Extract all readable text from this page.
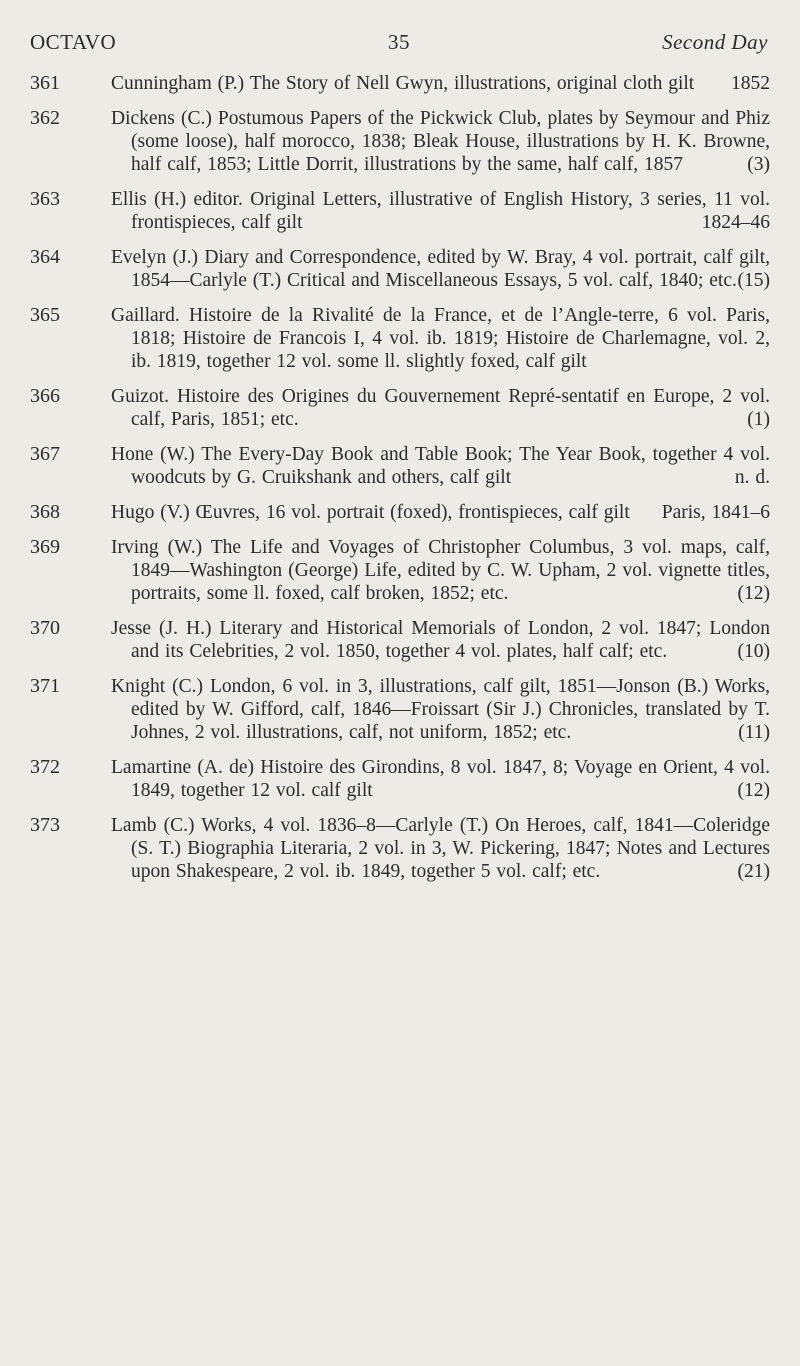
OCTAVO	35	Second Day
361	Cunningham (P.) The Story of Nell Gwyn, illustrations, original cloth gilt 1852
362	Dickens (C.) Postumous Papers of the Pickwick Club, plates by Seymour and Phiz (some loose), half morocco, 1838; Bleak House, illustrations by H. K. Browne, half calf, 1853; Little Dorrit, illustrations by the same, half calf, 1857	(3)
363	Ellis (H.) editor. Original Letters, illustrative of English History, 3 series, 11 vol. frontispieces, calf gilt	1824–46
364	Evelyn (J.) Diary and Correspondence, edited by W. Bray, 4 vol. portrait, calf gilt, 1854—Carlyle (T.) Critical and Miscellaneous Essays, 5 vol. calf, 1840; etc. (15)
365	Gaillard. Histoire de la Rivalité de la France, et de l’Angle-terre, 6 vol. Paris, 1818; Histoire de Francois I, 4 vol. ib. 1819; Histoire de Charlemagne, vol. 2, ib. 1819, together 12 vol. some ll. slightly foxed, calf gilt
366	Guizot. Histoire des Origines du Gouvernement Repré-sentatif en Europe, 2 vol. calf, Paris, 1851; etc.	(1)
367	Hone (W.) The Every-Day Book and Table Book; The Year Book, together 4 vol. woodcuts by G. Cruikshank and others, calf gilt	n. d.
368	Hugo (V.) Œuvres, 16 vol. portrait (foxed), frontispieces, calf gilt Paris, 1841–6
369	Irving (W.) The Life and Voyages of Christopher Columbus, 3 vol. maps, calf, 1849—Washington (George) Life, edited by C. W. Upham, 2 vol. vignette titles, portraits, some ll. foxed, calf broken, 1852; etc.	(12)
370	Jesse (J. H.) Literary and Historical Memorials of London, 2 vol. 1847; London and its Celebrities, 2 vol. 1850, together 4 vol. plates, half calf; etc.	(10)
371	Knight (C.) London, 6 vol. in 3, illustrations, calf gilt, 1851—Jonson (B.) Works, edited by W. Gifford, calf, 1846—Froissart (Sir J.) Chronicles, translated by T. Johnes, 2 vol. illustrations, calf, not uniform, 1852; etc.	(11)
372	Lamartine (A. de) Histoire des Girondins, 8 vol. 1847, 8; Voyage en Orient, 4 vol. 1849, together 12 vol. calf gilt	(12)
373	Lamb (C.) Works, 4 vol. 1836–8—Carlyle (T.) On Heroes, calf, 1841—Coleridge (S. T.) Biographia Literaria, 2 vol. in 3, W. Pickering, 1847; Notes and Lectures upon Shakespeare, 2 vol. ib. 1849, together 5 vol. calf; etc.	(21)
